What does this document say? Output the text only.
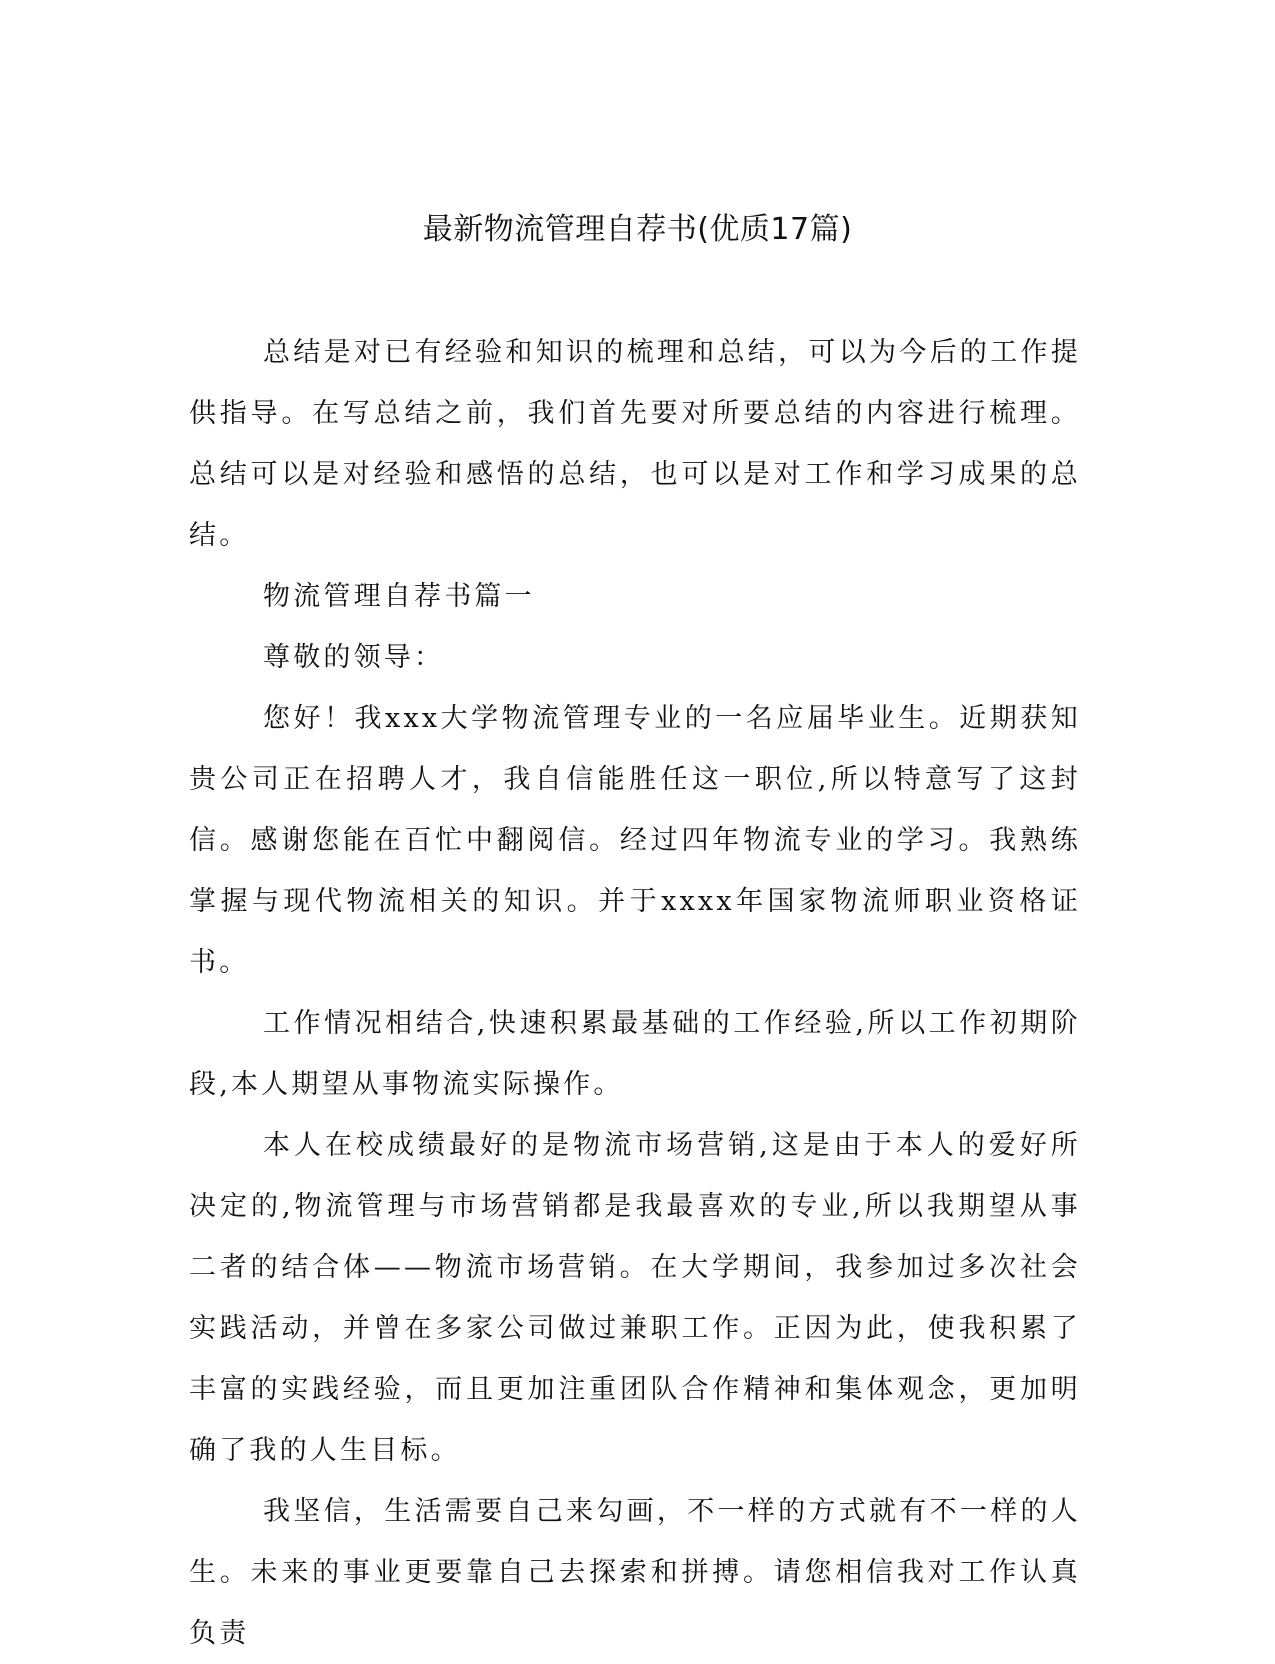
最新物流管理自荐书(优质17篇)

总结是对已有经验和知识的梳理和总结，可以为今后的工作提供指导。在写总结之前，我们首先要对所要总结的内容进行梳理。总结可以是对经验和感悟的总结，也可以是对工作和学习成果的总结。

物流管理自荐书篇一

尊敬的领导：

您好！我xxx大学物流管理专业的一名应届毕业生。近期获知贵公司正在招聘人才，我自信能胜任这一职位,所以特意写了这封信。感谢您能在百忙中翻阅信。经过四年物流专业的学习。我熟练掌握与现代物流相关的知识。并于xxxx年国家物流师职业资格证书。

工作情况相结合,快速积累最基础的工作经验,所以工作初期阶段,本人期望从事物流实际操作。

本人在校成绩最好的是物流市场营销,这是由于本人的爱好所决定的,物流管理与市场营销都是我最喜欢的专业,所以我期望从事二者的结合体——物流市场营销。在大学期间，我参加过多次社会实践活动，并曾在多家公司做过兼职工作。正因为此，使我积累了丰富的实践经验，而且更加注重团队合作精神和集体观念，更加明确了我的人生目标。

我坚信，生活需要自己来勾画，不一样的方式就有不一样的人生。未来的事业更要靠自己去探索和拼搏。请您相信我对工作认真负责
